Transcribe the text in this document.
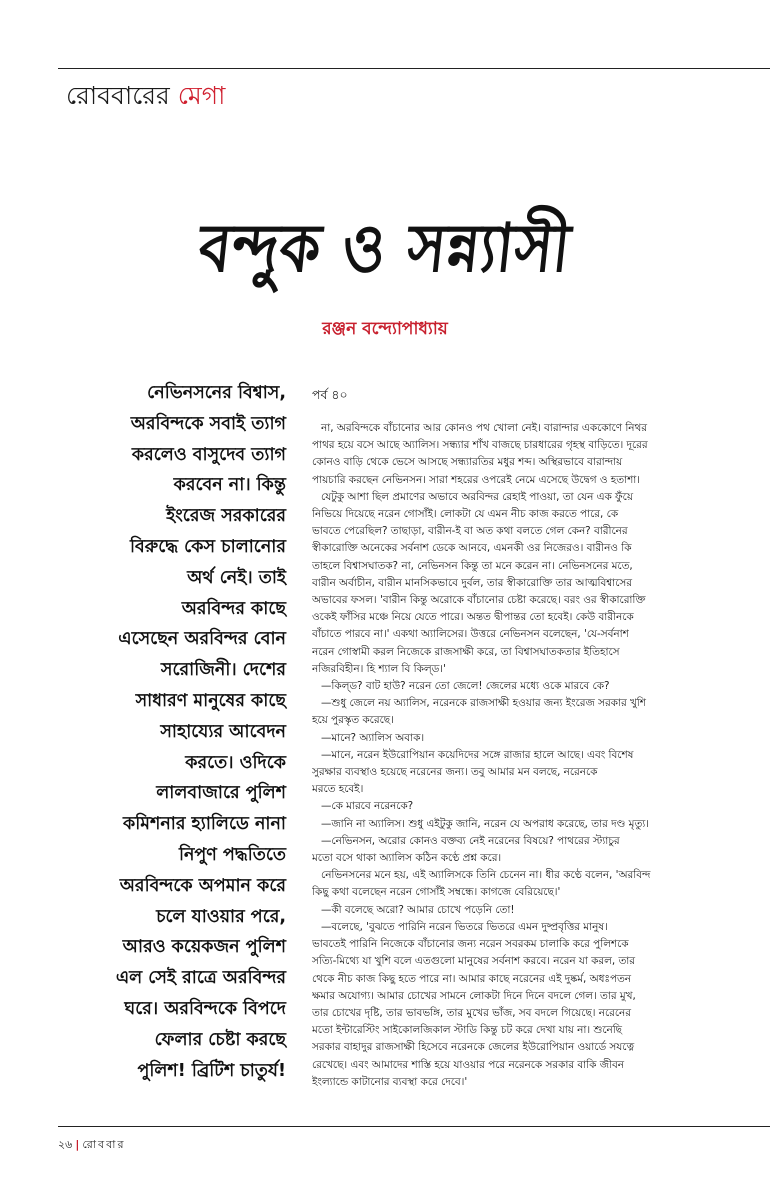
রোববারের মেগা
বন্দুক ও সন্ন্যাসী
রঞ্জন বন্দ্যোপাধ্যায়
নেভিনসনের বিশ্বাস,
অরবিন্দকে সবাই ত্যাগ
করলেও বাসুদেব ত্যাগ
করবেন না। কিন্তু
ইংরেজ সরকারের
বিরুদ্ধে কেস চালানোর
অর্থ নেই। তাই
অরবিন্দর কাছে
এসেছেন অরবিন্দর বোন
সরোজিনী। দেশের
সাধারণ মানুষের কাছে
সাহায্যের আবেদন
করতে। ওদিকে
লালবাজারে পুলিশ
কমিশনার হ্যালিডে নানা
নিপুণ পদ্ধতিতে
অরবিন্দকে অপমান করে
চলে যাওয়ার পরে,
আরও কয়েকজন পুলিশ
এল সেই রাত্রে অরবিন্দর
ঘরে। অরবিন্দকে বিপদে
ফেলার চেষ্টা করছে
পুলিশ! ব্রিটিশ চাতুর্য!
পর্ব ৪০
না, অরবিন্দকে বাঁচানোর আর কোনও পথ খোলা নেই। বারান্দার এককোণে নিথর
পাথর হয়ে বসে আছে অ্যালিস। সন্ধ্যার শাঁখ বাজছে চারধারের গৃহস্থ বাড়িতে। দূরের
কোনও বাড়ি থেকে ভেসে আসছে সন্ধ্যারতির মধুর শব্দ। অস্থিরভাবে বারান্দায়
পায়চারি করছেন নেভিনসন। সারা শহরের ওপরেই নেমে এসেছে উদ্বেগ ও হতাশা।
যেটুকু আশা ছিল প্রমাণের অভাবে অরবিন্দর রেহাই পাওয়া, তা যেন এক ফুঁয়ে
নিভিয়ে দিয়েছে নরেন গোসাঁই। লোকটা যে এমন নীচ কাজ করতে পারে, কে
ভাবতে পেরেছিল? তাছাড়া, বারীন-ই বা অত কথা বলতে গেল কেন? বারীনের
স্বীকারোক্তি অনেকের সর্বনাশ ডেকে আনবে, এমনকী ওর নিজেরও। বারীনও কি
তাহলে বিশ্বাসঘাতক? না, নেভিনসন কিন্তু তা মনে করেন না। নেভিনসনের মতে,
বারীন অর্বাচীন, বারীন মানসিকভাবে দুর্বল, তার স্বীকারোক্তি তার আত্মবিশ্বাসের
অভাবের ফসল। 'বারীন কিন্তু অরোকে বাঁচানোর চেষ্টা করেছে। বরং ওর স্বীকারোক্তি
ওকেই ফাঁসির মঞ্চে নিয়ে যেতে পারে। অন্তত দ্বীপান্তর তো হবেই। কেউ বারীনকে
বাঁচাতে পারবে না।' একথা অ্যালিসের। উত্তরে নেভিনসন বলেছেন, 'যে-সর্বনাশ
নরেন গোস্বামী করল নিজেকে রাজসাক্ষী করে, তা বিশ্বাসঘাতকতার ইতিহাসে
নজিরবিহীন। হি শ্যাল বি কিল্‌ড।'
—কিল্‌ড? বাট হাউ? নরেন তো জেলে! জেলের মধ্যে ওকে মারবে কে?
—শুধু জেলে নয় অ্যালিস, নরেনকে রাজসাক্ষী হওয়ার জন্য ইংরেজ সরকার খুশি
হয়ে পুরস্কৃত করেছে।
—মানে? অ্যালিস অবাক।
—মানে, নরেন ইউরোপিয়ান কয়েদিদের সঙ্গে রাজার হালে আছে। এবং বিশেষ
সুরক্ষার ব্যবস্থাও হয়েছে নরেনের জন্য। তবু আমার মন বলছে, নরেনকে
মরতে হবেই।
—কে মারবে নরেনকে?
—জানি না অ্যালিস। শুধু এইটুকু জানি, নরেন যে অপরাধ করেছে, তার দণ্ড মৃত্যু।
—নেভিনসন, অরোর কোনও বক্তব্য নেই নরেনের বিষয়ে? পাথরের স্ট্যাচুর
মতো বসে থাকা অ্যালিস কঠিন কণ্ঠে প্রশ্ন করে।
নেভিনসনের মনে হয়, এই অ্যালিসকে তিনি চেনেন না। ধীর কণ্ঠে বলেন, 'অরবিন্দ
কিছু কথা বলেছেন নরেন গোসাঁই সম্বন্ধে। কাগজে বেরিয়েছে।'
—কী বলেছে অরো? আমার চোখে পড়েনি তো!
—বলেছে, 'বুঝতে পারিনি নরেন ভিতরে ভিতরে এমন দুষ্প্রবৃত্তির মানুষ।
ভাবতেই পারিনি নিজেকে বাঁচানোর জন্য নরেন সবরকম চালাকি করে পুলিশকে
সত্যি-মিথ্যে যা খুশি বলে এতগুলো মানুষের সর্বনাশ করবে। নরেন যা করল, তার
থেকে নীচ কাজ কিছু হতে পারে না। আমার কাছে নরেনের এই দুষ্কর্ম, অধঃপতন
ক্ষমার অযোগ্য। আমার চোখের সামনে লোকটা দিনে দিনে বদলে গেল। তার মুখ,
তার চোখের দৃষ্টি, তার ভাবভঙ্গি, তার মুখের ভাঁজ, সব বদলে গিয়েছে। নরেনের
মতো ইন্টারেস্টিং সাইকোলজিকাল স্টাডি কিন্তু চট করে দেখা যায় না। শুনেছি
সরকার বাহাদুর রাজসাক্ষী হিসেবে নরেনকে জেলের ইউরোপিয়ান ওয়ার্ডে সযত্নে
রেখেছে। এবং আমাদের শাস্তি হয়ে যাওয়ার পরে নরেনকে সরকার বাকি জীবন
ইংল্যান্ডে কাটানোর ব্যবস্থা করে দেবে।'
২৬ | রোববার
